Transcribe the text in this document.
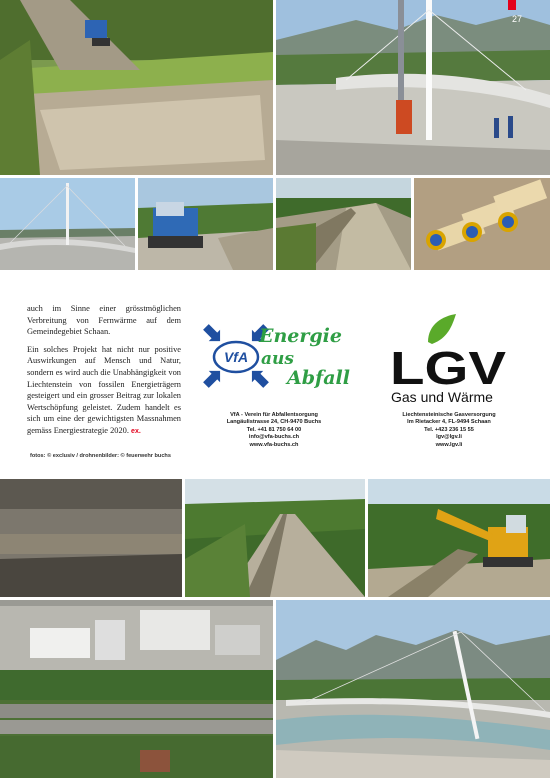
27

auch im Sinne einer grösstmöglichen Verbreitung von Fernwärme auf dem Gemeindegebiet Schaan.

Ein solches Projekt hat nicht nur positive Auswirkungen auf Mensch und Natur, sondern es wird auch die Unabhängigkeit von Liechtenstein von fossilen Energieträgern gesteigert und ein grosser Beitrag zur lokalen Wertschöpfung geleistet. Zudem handelt es sich um eine der gewichtigsten Massnahmen gemäss Energiestrategie 2020. ex.

fotos: © exclusiv / drohnenbilder: © feuerwehr buchs
VfA
Energie
aus
Abfall
VfA - Verein für Abfallentsorgung
Langäulistrasse 24, CH-9470 Buchs
Tel. +41 81 750 64 00
info@vfa-buchs.ch
www.vfa-buchs.ch
LGV
Gas und Wärme
Liechtensteinische Gasversorgung
Im Rietacker 4, FL-9494 Schaan
Tel. +423 236 15 55
lgv@lgv.li
www.lgv.li
